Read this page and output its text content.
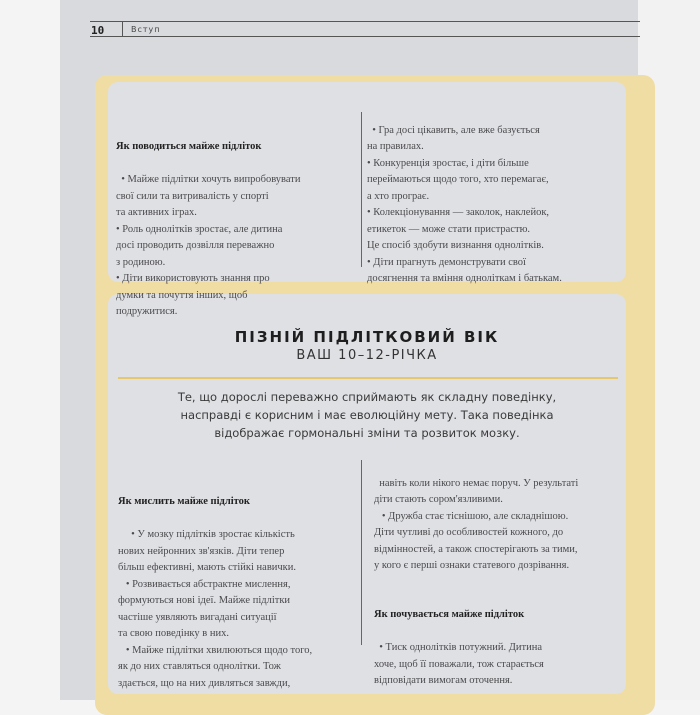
10	Вступ

Як поводиться майже підліток

• Майже підлітки хочуть випробовувати
свої сили та витривалість у спорті
та активних іграх.
• Роль однолітків зростає, але дитина
досі проводить дозвілля переважно
з родиною.
• Діти використовують знання про
думки та почуття інших, щоб
подружитися.

• Гра досі цікавить, але вже базується
на правилах.
• Конкуренція зростає, і діти більше
переймаються щодо того, хто перемагає,
а хто програє.
• Колекціонування — заколок, наклейок,
етикеток — може стати пристрастю.
Це спосіб здобути визнання однолітків.
• Діти прагнуть демонструвати свої
досягнення та вміння одноліткам і батькам.

ПІЗНІЙ ПІДЛІТКОВИЙ ВІК
ВАШ 10–12-РІЧКА
Те, що дорослі переважно сприймають як складну поведінку,
насправді є корисним і має еволюційну мету. Така поведінка
відображає гормональні зміни та розвиток мозку.

Як мислить майже підліток

• У мозку підлітків зростає кількість
нових нейронних зв'язків. Діти тепер
більш ефективні, мають стійкі навички.
• Розвивається абстрактне мислення,
формуються нові ідеї. Майже підлітки
частіше уявляють вигадані ситуації
та свою поведінку в них.
• Майже підлітки хвилюються щодо того,
як до них ставляться однолітки. Тож
здається, що на них дивляться завжди,

навіть коли нікого немає поруч. У результаті
діти стають сором'язливими.
• Дружба стає тіснішою, але складнішою.
Діти чутливі до особливостей кожного, до
відмінностей, а також спостерігають за тими,
у кого є перші ознаки статевого дозрівання.

Як почувається майже підліток

• Тиск однолітків потужний. Дитина
хоче, щоб її поважали, тож старається
відповідати вимогам оточення.
